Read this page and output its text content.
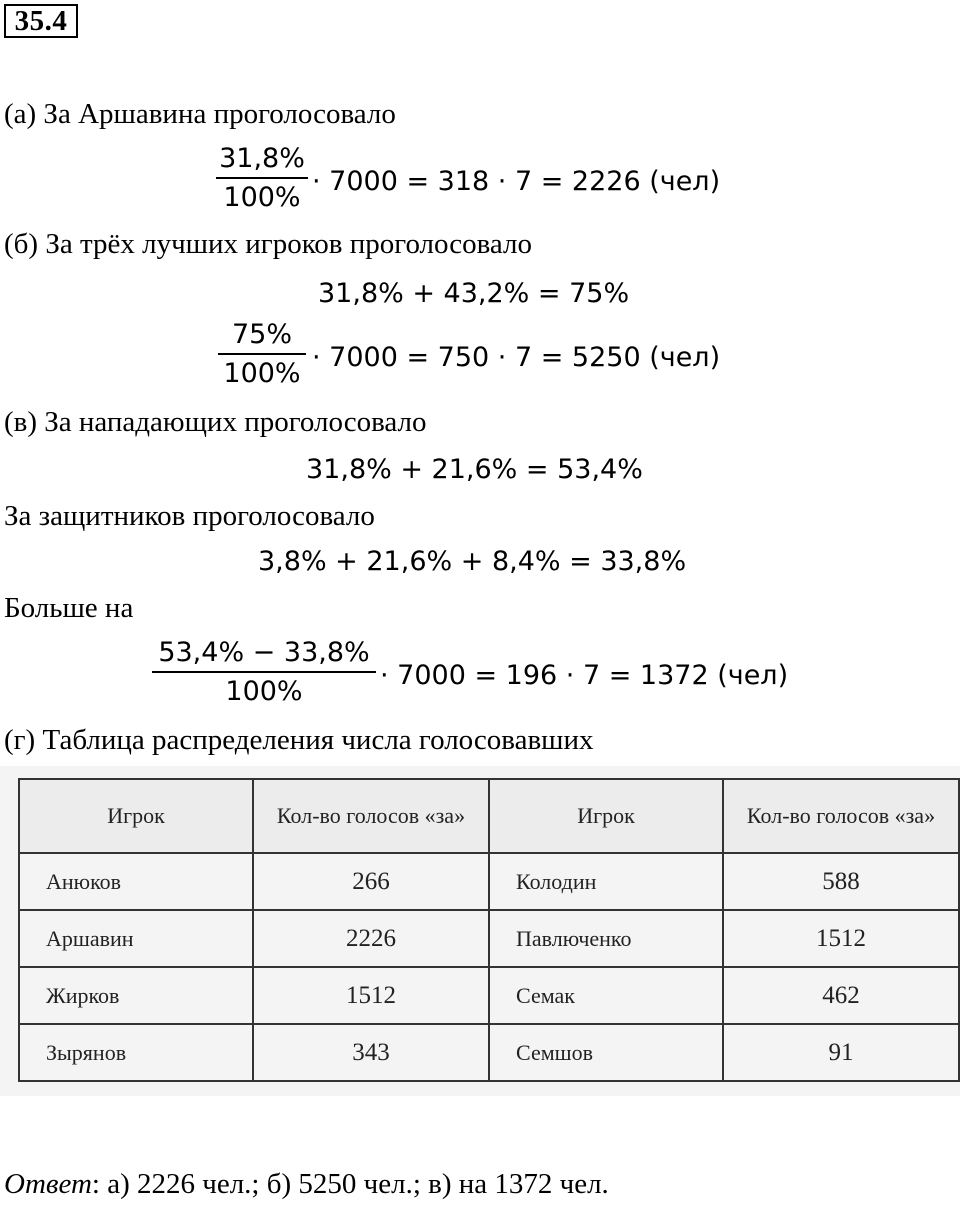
35.4
(а) За Аршавина проголосовало
31,8%
100%
· 7000 = 318 · 7 = 2226 (чел)
(б) За трёх лучших игроков проголосовало
31,8% + 43,2% = 75%
75%
100%
· 7000 = 750 · 7 = 5250 (чел)
(в) За нападающих проголосовало
31,8% + 21,6% = 53,4%
За защитников проголосовало
3,8% + 21,6% + 8,4% = 33,8%
Больше на
53,4% − 33,8%
100%
· 7000 = 196 · 7 = 1372 (чел)
(г) Таблица распределения числа голосовавших
Игрок	Кол-во голосов «за»	Игрок	Кол-во голосов «за»
Анюков	266	Колодин	588
Аршавин	2226	Павлюченко	1512
Жирков	1512	Семак	462
Зырянов	343	Семшов	91
Ответ: а) 2226 чел.; б) 5250 чел.; в) на 1372 чел.
